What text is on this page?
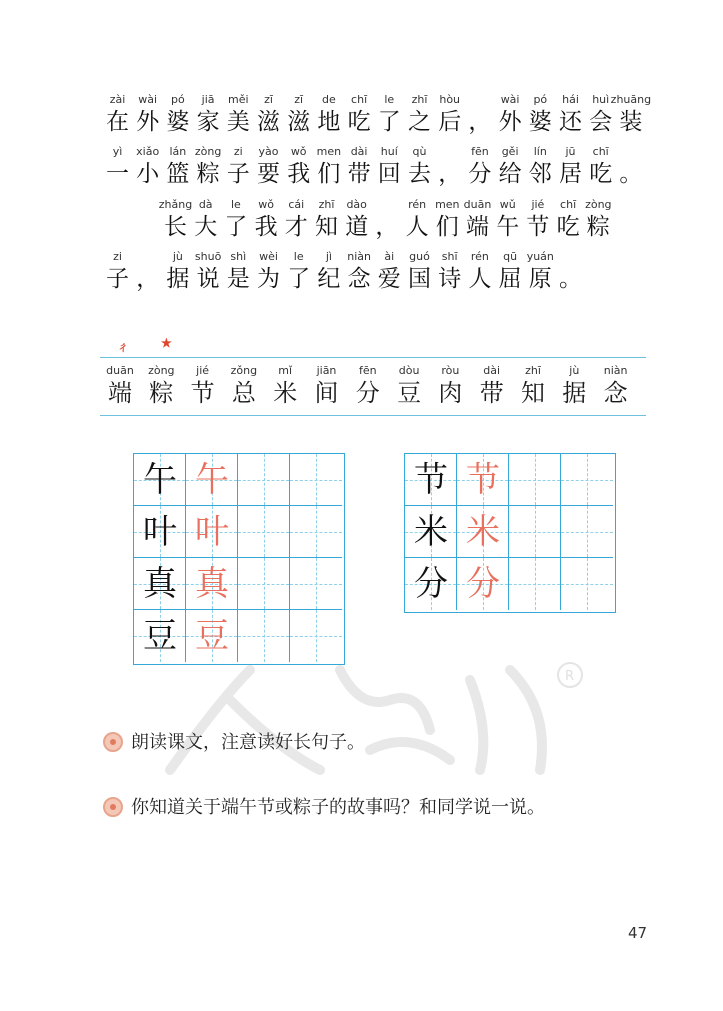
R
zài
在
wài
外
pó
婆
jiā
家
měi
美
zī
滋
zī
滋
de
地
chī
吃
le
了
zhī
之
hòu
后 ，
wài
外
pó
婆
hái
还
huì
会
zhuāng
装
yì
一
xiǎo
小
lán
篮
zòng
粽
zi
子
yào
要
wǒ
我
men
们
dài
带
huí
回
qù
去 ，
fēn
分
gěi
给
lín
邻
jū
居
chī
吃 。
zhǎng
长
dà
大
le
了
wǒ
我
cái
才
zhī
知
dào
道 ，
rén
人
men
们
duān
端
wǔ
午
jié
节
chī
吃
zòng
粽
zi
子 ，
jù
据
shuō
说
shì
是
wèi
为
le
了
jì
纪
niàn
念
ài
爱
guó
国
shī
诗
rén
人
qū
屈
yuán
原 。
ㄔ	★
duān
端
zòng
粽
jié
节
zǒng
总
mǐ
米
jiān
间
fēn
分
dòu
豆
ròu
肉
dài
带
zhī
知
jù
据
niàn
念
午 午
叶 叶
真 真
豆 豆
节 节
米 米
分 分
朗读课文，注意读好长句子。
你知道关于端午节或粽子的故事吗？和同学说一说。
47
